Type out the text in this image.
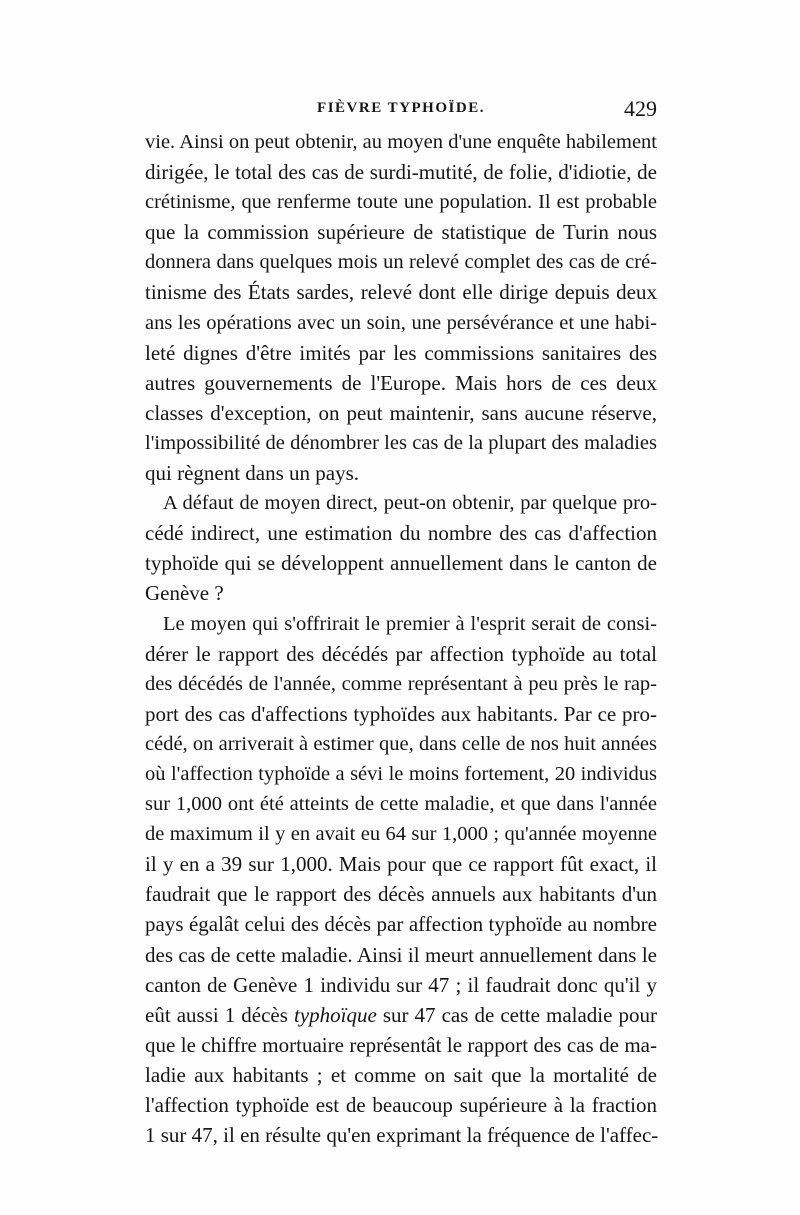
FIÈVRE TYPHOÏDE.	429
vie. Ainsi on peut obtenir, au moyen d'une enquête habilement
dirigée, le total des cas de surdi-mutité, de folie, d'idiotie, de
crétinisme, que renferme toute une population. Il est probable
que la commission supérieure de statistique de Turin nous
donnera dans quelques mois un relevé complet des cas de cré-
tinisme des États sardes, relevé dont elle dirige depuis deux
ans les opérations avec un soin, une persévérance et une habi-
leté dignes d'être imités par les commissions sanitaires des
autres gouvernements de l'Europe. Mais hors de ces deux
classes d'exception, on peut maintenir, sans aucune réserve,
l'impossibilité de dénombrer les cas de la plupart des maladies
qui règnent dans un pays.
A défaut de moyen direct, peut-on obtenir, par quelque pro-
cédé indirect, une estimation du nombre des cas d'affection
typhoïde qui se développent annuellement dans le canton de
Genève ?
Le moyen qui s'offrirait le premier à l'esprit serait de consi-
dérer le rapport des décédés par affection typhoïde au total
des décédés de l'année, comme représentant à peu près le rap-
port des cas d'affections typhoïdes aux habitants. Par ce pro-
cédé, on arriverait à estimer que, dans celle de nos huit années
où l'affection typhoïde a sévi le moins fortement, 20 individus
sur 1,000 ont été atteints de cette maladie, et que dans l'année
de maximum il y en avait eu 64 sur 1,000 ; qu'année moyenne
il y en a 39 sur 1,000. Mais pour que ce rapport fût exact, il
faudrait que le rapport des décès annuels aux habitants d'un
pays égalât celui des décès par affection typhoïde au nombre
des cas de cette maladie. Ainsi il meurt annuellement dans le
canton de Genève 1 individu sur 47 ; il faudrait donc qu'il y
eût aussi 1 décès typhoïque sur 47 cas de cette maladie pour
que le chiffre mortuaire représentât le rapport des cas de ma-
ladie aux habitants ; et comme on sait que la mortalité de
l'affection typhoïde est de beaucoup supérieure à la fraction
1 sur 47, il en résulte qu'en exprimant la fréquence de l'affec-
